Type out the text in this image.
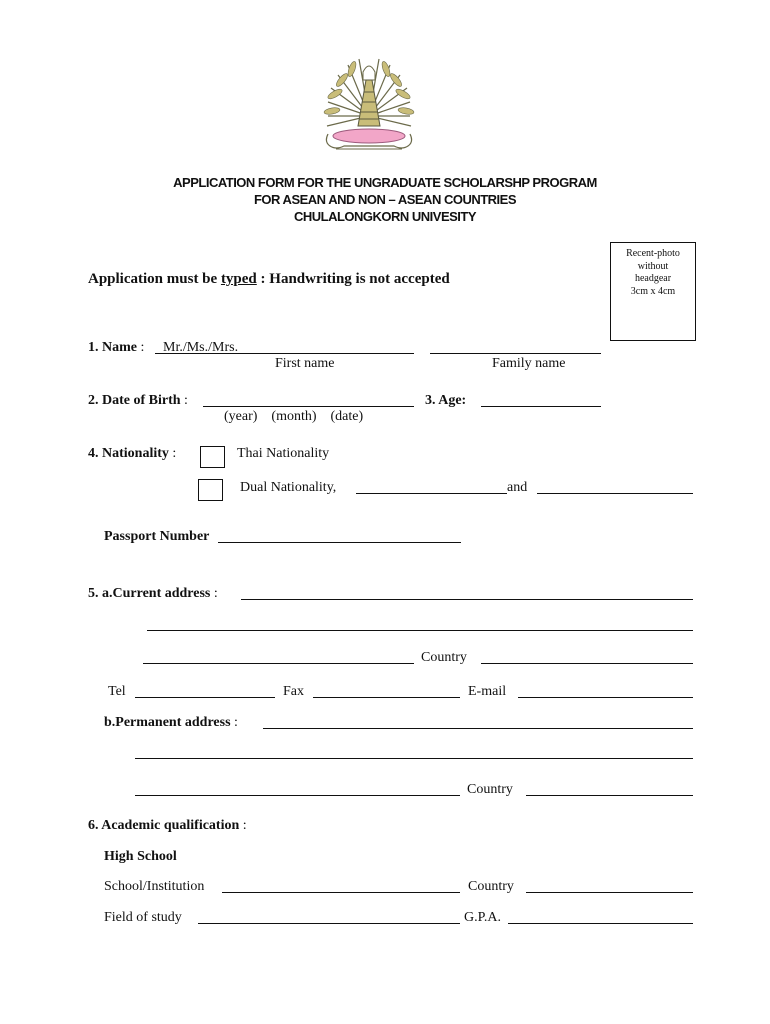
APPLICATION FORM FOR THE UNGRADUATE SCHOLARSHP PROGRAM
FOR ASEAN AND NON – ASEAN COUNTRIES
CHULALONGKORN UNIVESITY
Application must be typed : Handwriting is not accepted
Recent-photo
without
headgear
3cm x 4cm
1. Name : Mr./Ms./Mrs.
First name	Family name
2. Date of Birth :
(year)    (month)    (date)
3. Age:
4. Nationality :	Thai Nationality
Dual Nationality,	and
Passport Number
5. a.Current address :
Country
Tel	Fax	E-mail
b.Permanent address :
Country
6. Academic qualification :
High School
School/Institution	Country
Field of study	G.P.A.
